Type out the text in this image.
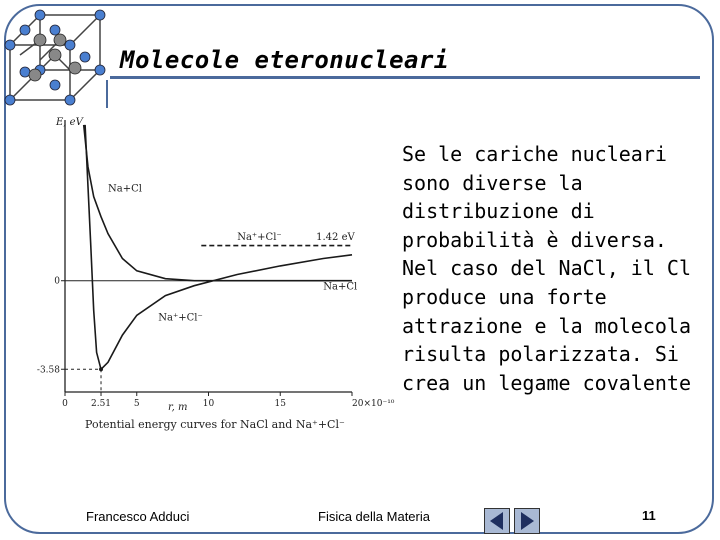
Molecole eteronucleari
0	2.51	5	10	15	20×10⁻¹⁰
0
-3.58
Na+Cl
Na⁺+Cl⁻	1.42 eV
Na+Cl
Na⁺+Cl⁻
E, eV
r, m
Potential energy curves for NaCl and Na⁺+Cl⁻
Se le cariche nucleari sono diverse la distribuzione di probabilità è diversa. Nel caso del NaCl, il Cl produce una forte attrazione e la molecola risulta polarizzata. Si crea un legame covalente
Francesco Adduci	Fisica della Materia	11
